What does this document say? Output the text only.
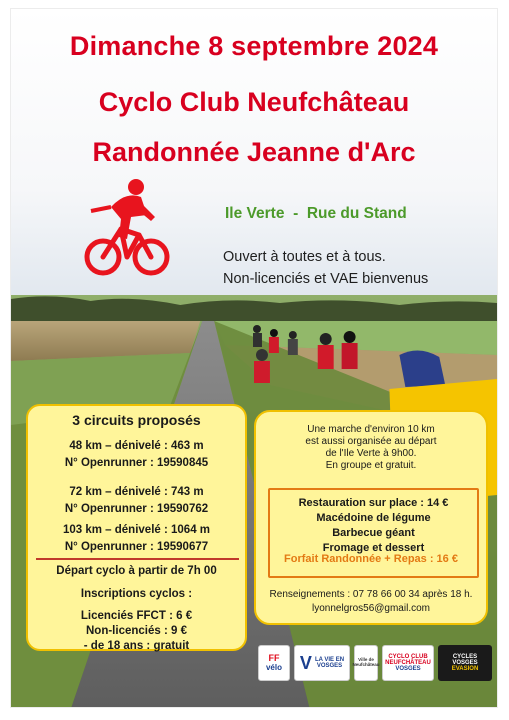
Dimanche 8 septembre 2024
Cyclo Club Neufchâteau
Randonnée Jeanne d'Arc
Ile Verte  -  Rue du Stand
Ouvert à toutes et à tous.
Non-licenciés et VAE bienvenus
3 circuits proposés
48 km – dénivelé : 463 m
N° Openrunner : 19590845
72 km – dénivelé : 743 m
N° Openrunner : 19590762
103 km – dénivelé : 1064 m
N° Openrunner : 19590677
Départ cyclo à partir de 7h 00
Inscriptions cyclos :
Licenciés FFCT : 6 €
Non-licenciés : 9 €
- de 18 ans : gratuit
Une marche d'environ 10 km
est aussi organisée au départ
de l'Ile Verte à 9h00.
En groupe et gratuit.
Restauration sur place : 14 €
Macédoine de légume
Barbecue géant
Fromage et dessert
Forfait Randonnée + Repas : 16 €
Renseignements : 07 78 66 00 34 après 18 h.
lyonnelgros56@gmail.com
FF
vélo V LA VIE EN
VOSGES
Ville de
Neufchâteau
CYCLO CLUB
NEUFCHÂTEAU
VOSGES
CYCLES
VOSGES
EVASION
